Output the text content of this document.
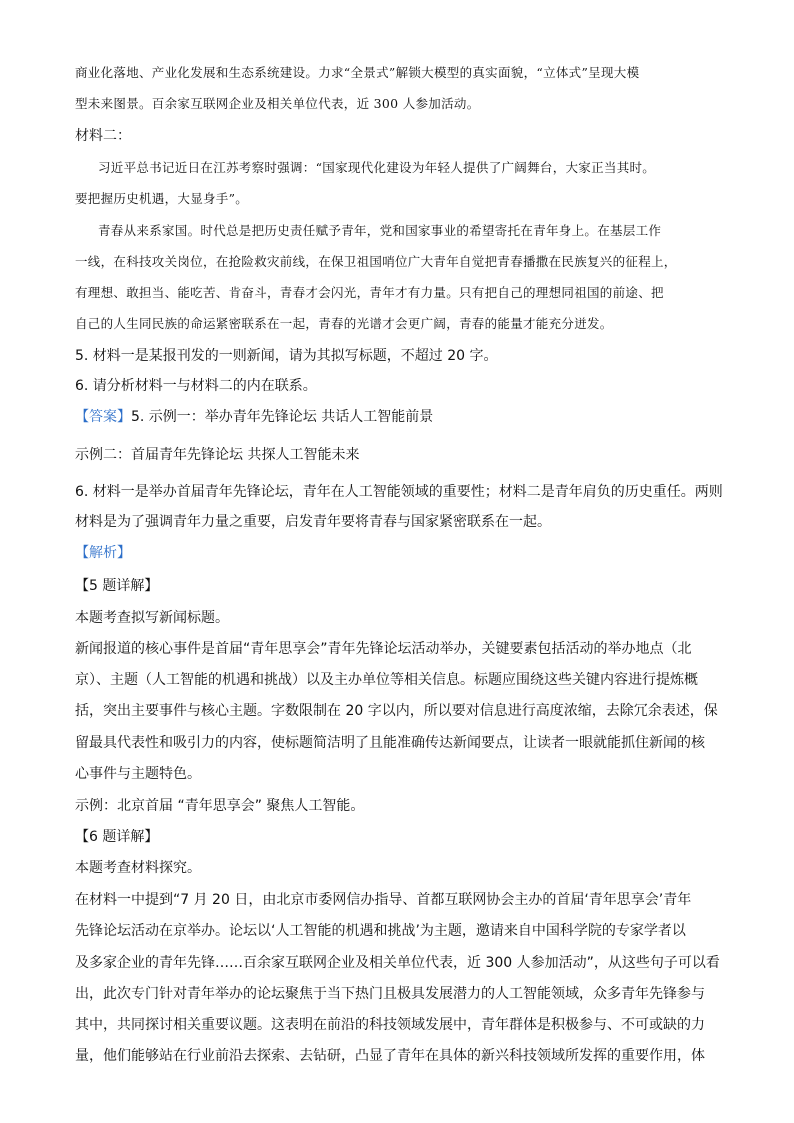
商业化落地、产业化发展和生态系统建设。力求“全景式”解锁大模型的真实面貌，“立体式”呈现大模
型未来图景。百余家互联网企业及相关单位代表，近 300 人参加活动。
材料二：
习近平总书记近日在江苏考察时强调：“国家现代化建设为年轻人提供了广阔舞台，大家正当其时。
要把握历史机遇，大显身手”。
青春从来系家国。时代总是把历史责任赋予青年，党和国家事业的希望寄托在青年身上。在基层工作
一线，在科技攻关岗位，在抢险救灾前线，在保卫祖国哨位广大青年自觉把青春播撒在民族复兴的征程上，
有理想、敢担当、能吃苦、肯奋斗，青春才会闪光，青年才有力量。只有把自己的理想同祖国的前途、把
自己的人生同民族的命运紧密联系在一起，青春的光谱才会更广阔，青春的能量才能充分迸发。
5. 材料一是某报刊发的一则新闻，请为其拟写标题，不超过 20 字。
6. 请分析材料一与材料二的内在联系。
【答案】5. 示例一：举办青年先锋论坛 共话人工智能前景
示例二：首届青年先锋论坛 共探人工智能未来
6. 材料一是举办首届青年先锋论坛，青年在人工智能领域的重要性；材料二是青年肩负的历史重任。两则
材料是为了强调青年力量之重要，启发青年要将青春与国家紧密联系在一起。
【解析】
【5 题详解】
本题考查拟写新闻标题。
新闻报道的核心事件是首届“青年思享会”青年先锋论坛活动举办，关键要素包括活动的举办地点（北
京）、主题（人工智能的机遇和挑战）以及主办单位等相关信息。标题应围绕这些关键内容进行提炼概
括，突出主要事件与核心主题。字数限制在 20 字以内，所以要对信息进行高度浓缩，去除冗余表述，保
留最具代表性和吸引力的内容，使标题简洁明了且能准确传达新闻要点，让读者一眼就能抓住新闻的核
心事件与主题特色。
示例：北京首届 “青年思享会” 聚焦人工智能。
【6 题详解】
本题考查材料探究。
在材料一中提到“7 月 20 日，由北京市委网信办指导、首都互联网协会主办的首届‘青年思享会’青年
先锋论坛活动在京举办。论坛以‘人工智能的机遇和挑战’为主题，邀请来自中国科学院的专家学者以
及多家企业的青年先锋……百余家互联网企业及相关单位代表，近 300 人参加活动”，从这些句子可以看
出，此次专门针对青年举办的论坛聚焦于当下热门且极具发展潜力的人工智能领域，众多青年先锋参与
其中，共同探讨相关重要议题。这表明在前沿的科技领域发展中，青年群体是积极参与、不可或缺的力
量，他们能够站在行业前沿去探索、去钻研，凸显了青年在具体的新兴科技领域所发挥的重要作用，体
